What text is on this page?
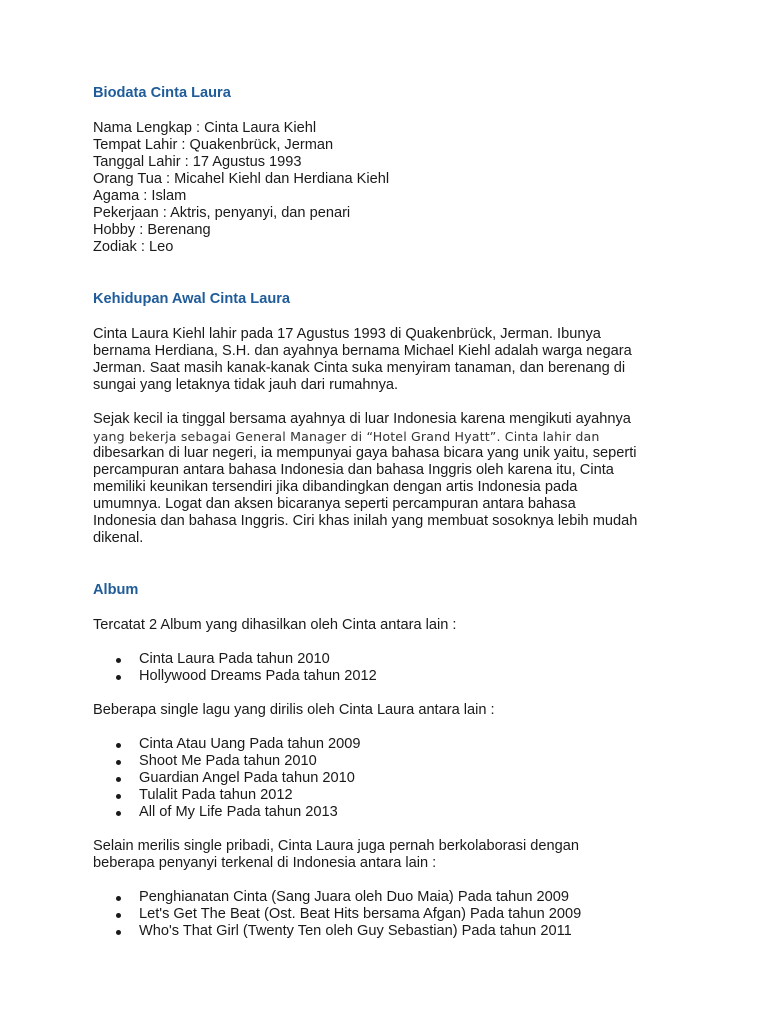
Biodata Cinta Laura
Nama Lengkap : Cinta Laura Kiehl
Tempat Lahir : Quakenbrück, Jerman
Tanggal Lahir : 17 Agustus 1993
Orang Tua : Micahel Kiehl dan Herdiana Kiehl
Agama : Islam
Pekerjaan : Aktris, penyanyi, dan penari
Hobby : Berenang
Zodiak : Leo
Kehidupan Awal Cinta Laura

Cinta Laura Kiehl lahir pada 17 Agustus 1993 di Quakenbrück, Jerman. Ibunya
bernama Herdiana, S.H. dan ayahnya bernama Michael Kiehl adalah warga negara
Jerman. Saat masih kanak-kanak Cinta suka menyiram tanaman, dan berenang di
sungai yang letaknya tidak jauh dari rumahnya.

Sejak kecil ia tinggal bersama ayahnya di luar Indonesia karena mengikuti ayahnya
yang bekerja sebagai General Manager di “Hotel Grand Hyatt”. Cinta lahir dan
dibesarkan di luar negeri, ia mempunyai gaya bahasa bicara yang unik yaitu, seperti
percampuran antara bahasa Indonesia dan bahasa Inggris oleh karena itu, Cinta
memiliki keunikan tersendiri jika dibandingkan dengan artis Indonesia pada
umumnya. Logat dan aksen bicaranya seperti percampuran antara bahasa
Indonesia dan bahasa Inggris. Ciri khas inilah yang membuat sosoknya lebih mudah
dikenal.

Album

Tercatat 2 Album yang dihasilkan oleh Cinta antara lain :

Cinta Laura Pada tahun 2010
Hollywood Dreams Pada tahun 2012

Beberapa single lagu yang dirilis oleh Cinta Laura antara lain :

Cinta Atau Uang Pada tahun 2009
Shoot Me Pada tahun 2010
Guardian Angel Pada tahun 2010
Tulalit Pada tahun 2012
All of My Life Pada tahun 2013

Selain merilis single pribadi, Cinta Laura juga pernah berkolaborasi dengan
beberapa penyanyi terkenal di Indonesia antara lain :

Penghianatan Cinta (Sang Juara oleh Duo Maia) Pada tahun 2009
Let's Get The Beat (Ost. Beat Hits bersama Afgan) Pada tahun 2009
Who's That Girl (Twenty Ten oleh Guy Sebastian) Pada tahun 2011
